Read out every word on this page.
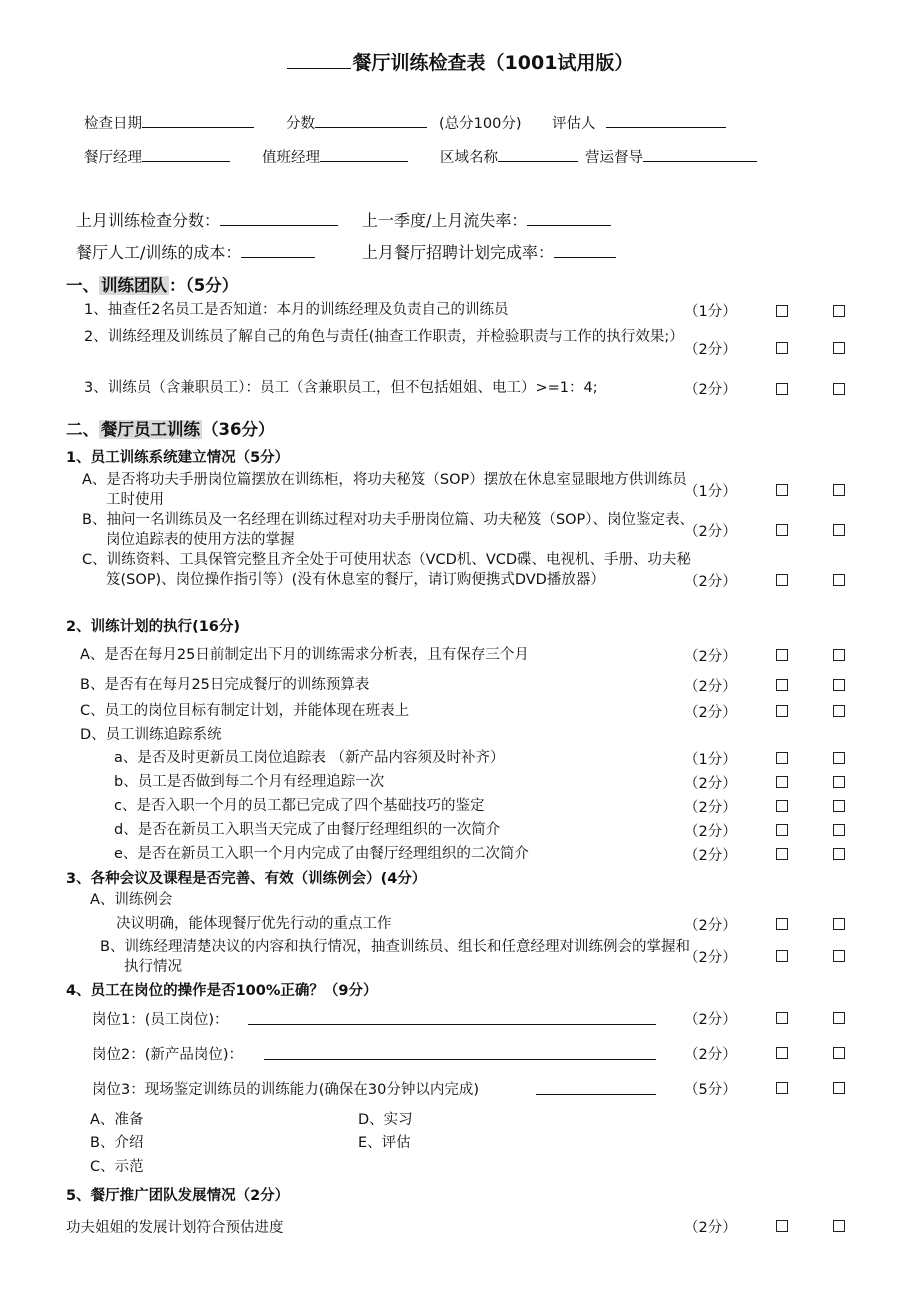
餐厅训练检查表（1001试用版）
检查日期	分数	(总分100分) 评估人
餐厅经理	值班经理	区域名称	营运督导
上月训练检查分数：	上一季度/上月流失率：
餐厅人工/训练的成本：	上月餐厅招聘计划完成率：
一、 训练团队 ：（5分）
1、抽查任2名员工是否知道：本月的训练经理及负责自己的训练员	（1分）
2、训练经理及训练员了解自己的角色与责任(抽查工作职责，并检验职责与工作的执行效果;）
（2分）
3、训练员（含兼职员工）：员工（含兼职员工，但不包括姐姐、电工）>=1：4;	（2分）
二、 餐厅员工训练 （36分）
1、员工训练系统建立情况（5分）
A、是否将功夫手册岗位篇摆放在训练柜，将功夫秘笈（SOP）摆放在休息室显眼地方供训练员工时使用	（1分）
B、抽问一名训练员及一名经理在训练过程对功夫手册岗位篇、功夫秘笈（SOP）、岗位鉴定表、岗位追踪表的使用方法的掌握	（2分）
C、训练资料、工具保管完整且齐全处于可使用状态（VCD机、VCD碟、电视机、手册、功夫秘笈(SOP)、岗位操作指引等）(没有休息室的餐厅，请订购便携式DVD播放器）	（2分）
2、训练计划的执行(16分)
A、是否在每月25日前制定出下月的训练需求分析表，且有保存三个月	（2分）
B、是否有在每月25日完成餐厅的训练预算表	（2分）
C、员工的岗位目标有制定计划，并能体现在班表上	（2分）
D、员工训练追踪系统
a、是否及时更新员工岗位追踪表 （新产品内容须及时补齐）	（1分）
b、员工是否做到每二个月有经理追踪一次	（2分）
c、是否入职一个月的员工都已完成了四个基础技巧的鉴定	（2分）
d、是否在新员工入职当天完成了由餐厅经理组织的一次简介	（2分）
e、是否在新员工入职一个月内完成了由餐厅经理组织的二次简介	（2分）
3、各种会议及课程是否完善、有效（训练例会）(4分）
A、训练例会
决议明确，能体现餐厅优先行动的重点工作	（2分）
B、训练经理清楚决议的内容和执行情况，抽查训练员、组长和任意经理对训练例会的掌握和执行情况
（2分）
4、员工在岗位的操作是否100%正确？（9分）
岗位1：(员工岗位)：	（2分）
岗位2：(新产品岗位)：	（2分）
岗位3：现场鉴定训练员的训练能力(确保在30分钟以内完成)	（5分）
A、准备
B、介绍
C、示范
D、实习
E、评估
5、餐厅推广团队发展情况（2分）
功夫姐姐的发展计划符合预估进度	（2分）
